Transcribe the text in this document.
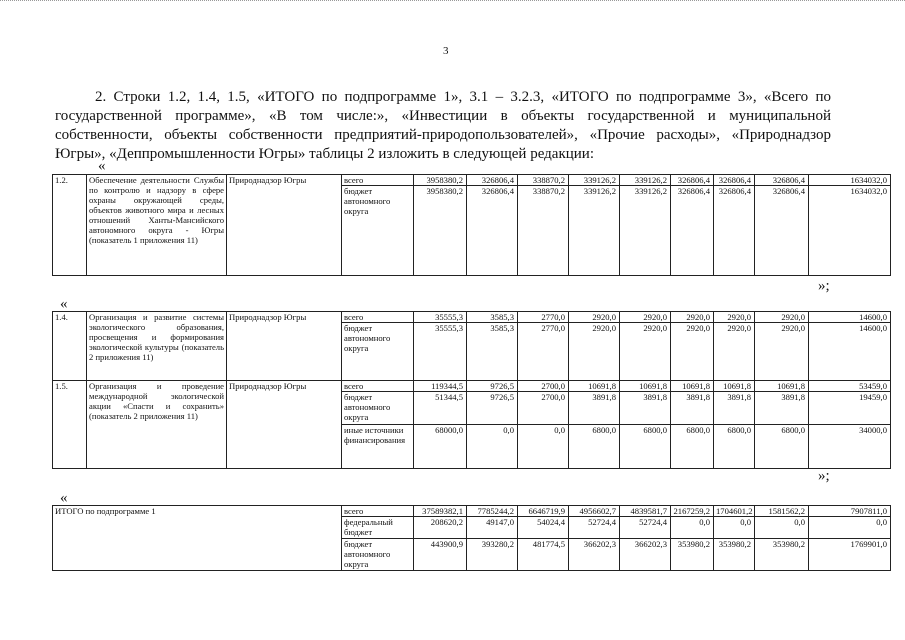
3
2. Строки 1.2, 1.4, 1.5, «ИТОГО по подпрограмме 1», 3.1 – 3.2.3, «ИТОГО по подпрограмме 3», «Всего по государственной программе», «В том числе:», «Инвестиции в объекты государственной и муниципальной собственности, объекты собственности предприятий-природопользователей», «Прочие расходы», «Природнадзор Югры», «Деппромышленности Югры» таблицы 2 изложить в следующей редакции:
«
1.2.	Обеспечение деятельности Службы по контролю и надзору в сфере охраны окружающей среды, объектов животного мира и лесных отношений Ханты-Мансийского автономного округа - Югры (показатель 1 приложения 11)	Природнадзор Югры	всего	3958380,2	326806,4	338870,2	339126,2	339126,2	326806,4	326806,4	326806,4	1634032,0
			бюджет автономного округа	3958380,2	326806,4	338870,2	339126,2	339126,2	326806,4	326806,4	326806,4	1634032,0
»;
«
1.4.	Организация и развитие системы экологического образования, просвещения и формирования экологической культуры (показатель 2 приложения 11)	Природнадзор Югры	всего	35555,3	3585,3	2770,0	2920,0	2920,0	2920,0	2920,0	2920,0	14600,0
			бюджет автономного округа	35555,3	3585,3	2770,0	2920,0	2920,0	2920,0	2920,0	2920,0	14600,0
1.5.	Организация и проведение международной экологической акции «Спасти и сохранить» (показатель 2 приложения 11)	Природнадзор Югры	всего	119344,5	9726,5	2700,0	10691,8	10691,8	10691,8	10691,8	10691,8	53459,0
			бюджет автономного округа	51344,5	9726,5	2700,0	3891,8	3891,8	3891,8	3891,8	3891,8	19459,0
			иные источники финансирования	68000,0	0,0	0,0	6800,0	6800,0	6800,0	6800,0	6800,0	34000,0
»;
«
ИТОГО по подпрограмме 1	всего	37589382,1	7785244,2	6646719,9	4956602,7	4839581,7	2167259,2	1704601,2	1581562,2	7907811,0
	федеральный бюджет	208620,2	49147,0	54024,4	52724,4	52724,4	0,0	0,0	0,0	0,0
	бюджет автономного округа	443900,9	393280,2	481774,5	366202,3	366202,3	353980,2	353980,2	353980,2	1769901,0
